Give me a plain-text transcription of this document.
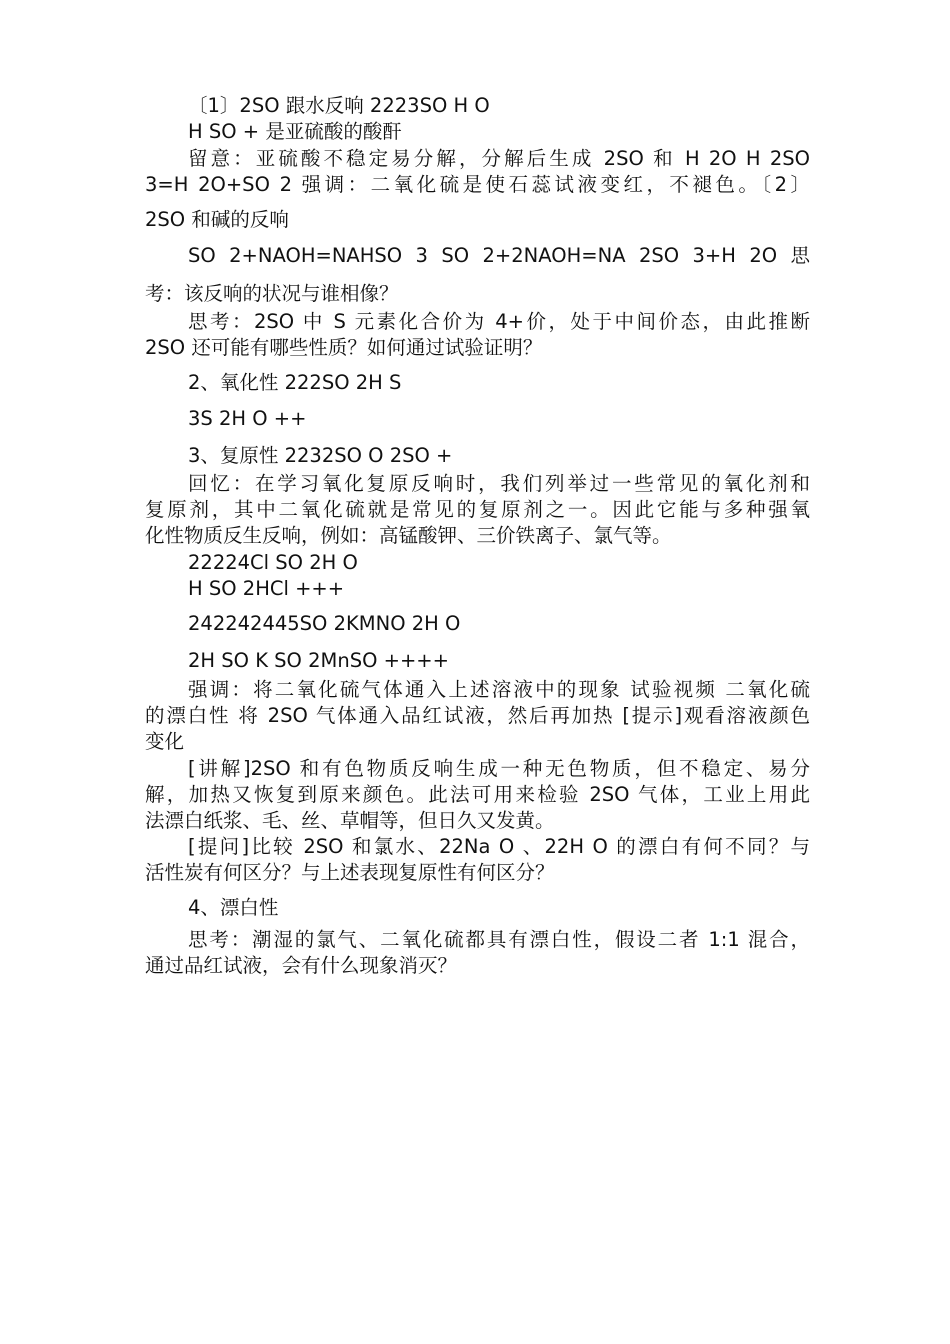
〔1〕2SO 跟水反响 2223SO H O
H SO + 是亚硫酸的酸酐
留意：亚硫酸不稳定易分解，分解后生成 2SO 和 H 2O H 2SO
3=H 2O+SO 2 强调：二氧化硫是使石蕊试液变红，不褪色。〔2〕
2SO 和碱的反响
SO 2+NAOH=NAHSO 3 SO 2+2NAOH=NA 2SO 3+H 2O 思
考：该反响的状况与谁相像？
思考：2SO 中 S 元素化合价为 4+价，处于中间价态，由此推断
2SO 还可能有哪些性质？如何通过试验证明？
2、氧化性 222SO 2H S
3S 2H O ++
3、复原性 2232SO O 2SO +
回忆：在学习氧化复原反响时，我们列举过一些常见的氧化剂和
复原剂，其中二氧化硫就是常见的复原剂之一。因此它能与多种强氧
化性物质反生反响，例如：高锰酸钾、三价铁离子、氯气等。
22224Cl SO 2H O
H SO 2HCl +++
242242445SO 2KMNO 2H O
2H SO K SO 2MnSO ++++
强调：将二氧化硫气体通入上述溶液中的现象 试验视频 二氧化硫
的漂白性 将 2SO 气体通入品红试液，然后再加热 [提示]观看溶液颜色
变化
[讲解]2SO 和有色物质反响生成一种无色物质，但不稳定、易分
解，加热又恢复到原来颜色。此法可用来检验 2SO 气体，工业上用此
法漂白纸浆、毛、丝、草帽等，但日久又发黄。
[提问]比较 2SO 和氯水、22Na O 、22H O 的漂白有何不同？与
活性炭有何区分？与上述表现复原性有何区分？
4、漂白性
思考：潮湿的氯气、二氧化硫都具有漂白性，假设二者 1:1 混合，
通过品红试液，会有什么现象消灭？
